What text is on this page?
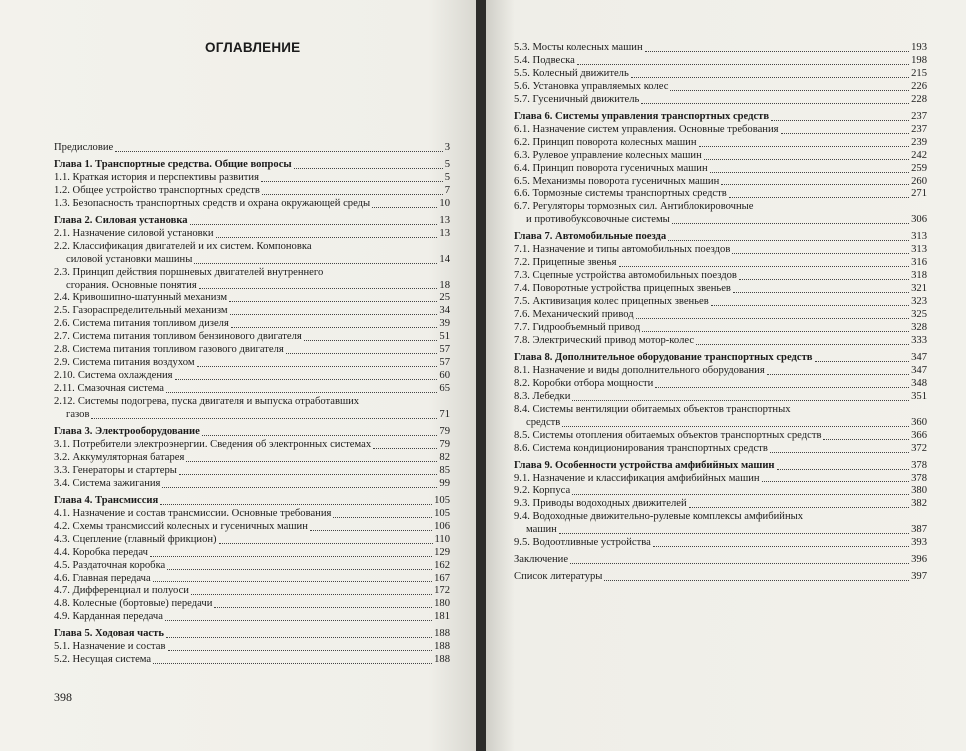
ОГЛАВЛЕНИЕ
Предисловие	3
Глава 1. Транспортные средства. Общие вопросы	5
1.1. Краткая история и перспективы развития	5
1.2. Общее устройство транспортных средств	7
1.3. Безопасность транспортных средств и охрана окружающей среды	10
Глава 2. Силовая установка	13
2.1. Назначение силовой установки	13
2.2. Классификация двигателей и их систем. Компоновка
силовой установки машины	14
2.3. Принцип действия поршневых двигателей внутреннего
сгорания. Основные понятия	18
2.4. Кривошипно-шатунный механизм	25
2.5. Газораспределительный механизм	34
2.6. Система питания топливом дизеля	39
2.7. Система питания топливом бензинового двигателя	51
2.8. Система питания топливом газового двигателя	57
2.9. Система питания воздухом	57
2.10. Система охлаждения	60
2.11. Смазочная система	65
2.12. Системы подогрева, пуска двигателя и выпуска отработавших
газов	71
Глава 3. Электрооборудование	79
3.1. Потребители электроэнергии. Сведения об электронных системах	79
3.2. Аккумуляторная батарея	82
3.3. Генераторы и стартеры	85
3.4. Система зажигания	99
Глава 4. Трансмиссия	105
4.1. Назначение и состав трансмиссии. Основные требования	105
4.2. Схемы трансмиссий колесных и гусеничных машин	106
4.3. Сцепление (главный фрикцион)	110
4.4. Коробка передач	129
4.5. Раздаточная коробка	162
4.6. Главная передача	167
4.7. Дифференциал и полуоси	172
4.8. Колесные (бортовые) передачи	180
4.9. Карданная передача	181
Глава 5. Ходовая часть	188
5.1. Назначение и состав	188
5.2. Несущая система	188
398
5.3. Мосты колесных машин	193
5.4. Подвеска	198
5.5. Колесный движитель	215
5.6. Установка управляемых колес	226
5.7. Гусеничный движитель	228
Глава 6. Системы управления транспортных средств	237
6.1. Назначение систем управления. Основные требования	237
6.2. Принцип поворота колесных машин	239
6.3. Рулевое управление колесных машин	242
6.4. Принцип поворота гусеничных машин	259
6.5. Механизмы поворота гусеничных машин	260
6.6. Тормозные системы транспортных средств	271
6.7. Регуляторы тормозных сил. Антиблокировочные
и противобуксовочные системы	306
Глава 7. Автомобильные поезда	313
7.1. Назначение и типы автомобильных поездов	313
7.2. Прицепные звенья	316
7.3. Сцепные устройства автомобильных поездов	318
7.4. Поворотные устройства прицепных звеньев	321
7.5. Активизация колес прицепных звеньев	323
7.6. Механический привод	325
7.7. Гидрообъемный привод	328
7.8. Электрический привод мотор-колес	333
Глава 8. Дополнительное оборудование транспортных средств	347
8.1. Назначение и виды дополнительного оборудования	347
8.2. Коробки отбора мощности	348
8.3. Лебедки	351
8.4. Системы вентиляции обитаемых объектов транспортных
средств	360
8.5. Системы отопления обитаемых объектов транспортных средств	366
8.6. Система кондиционирования транспортных средств	372
Глава 9. Особенности устройства амфибийных машин	378
9.1. Назначение и классификация амфибийных машин	378
9.2. Корпуса	380
9.3. Приводы водоходных движителей	382
9.4. Водоходные движительно-рулевые комплексы амфибийных
машин	387
9.5. Водоотливные устройства	393
Заключение	396
Список литературы	397
